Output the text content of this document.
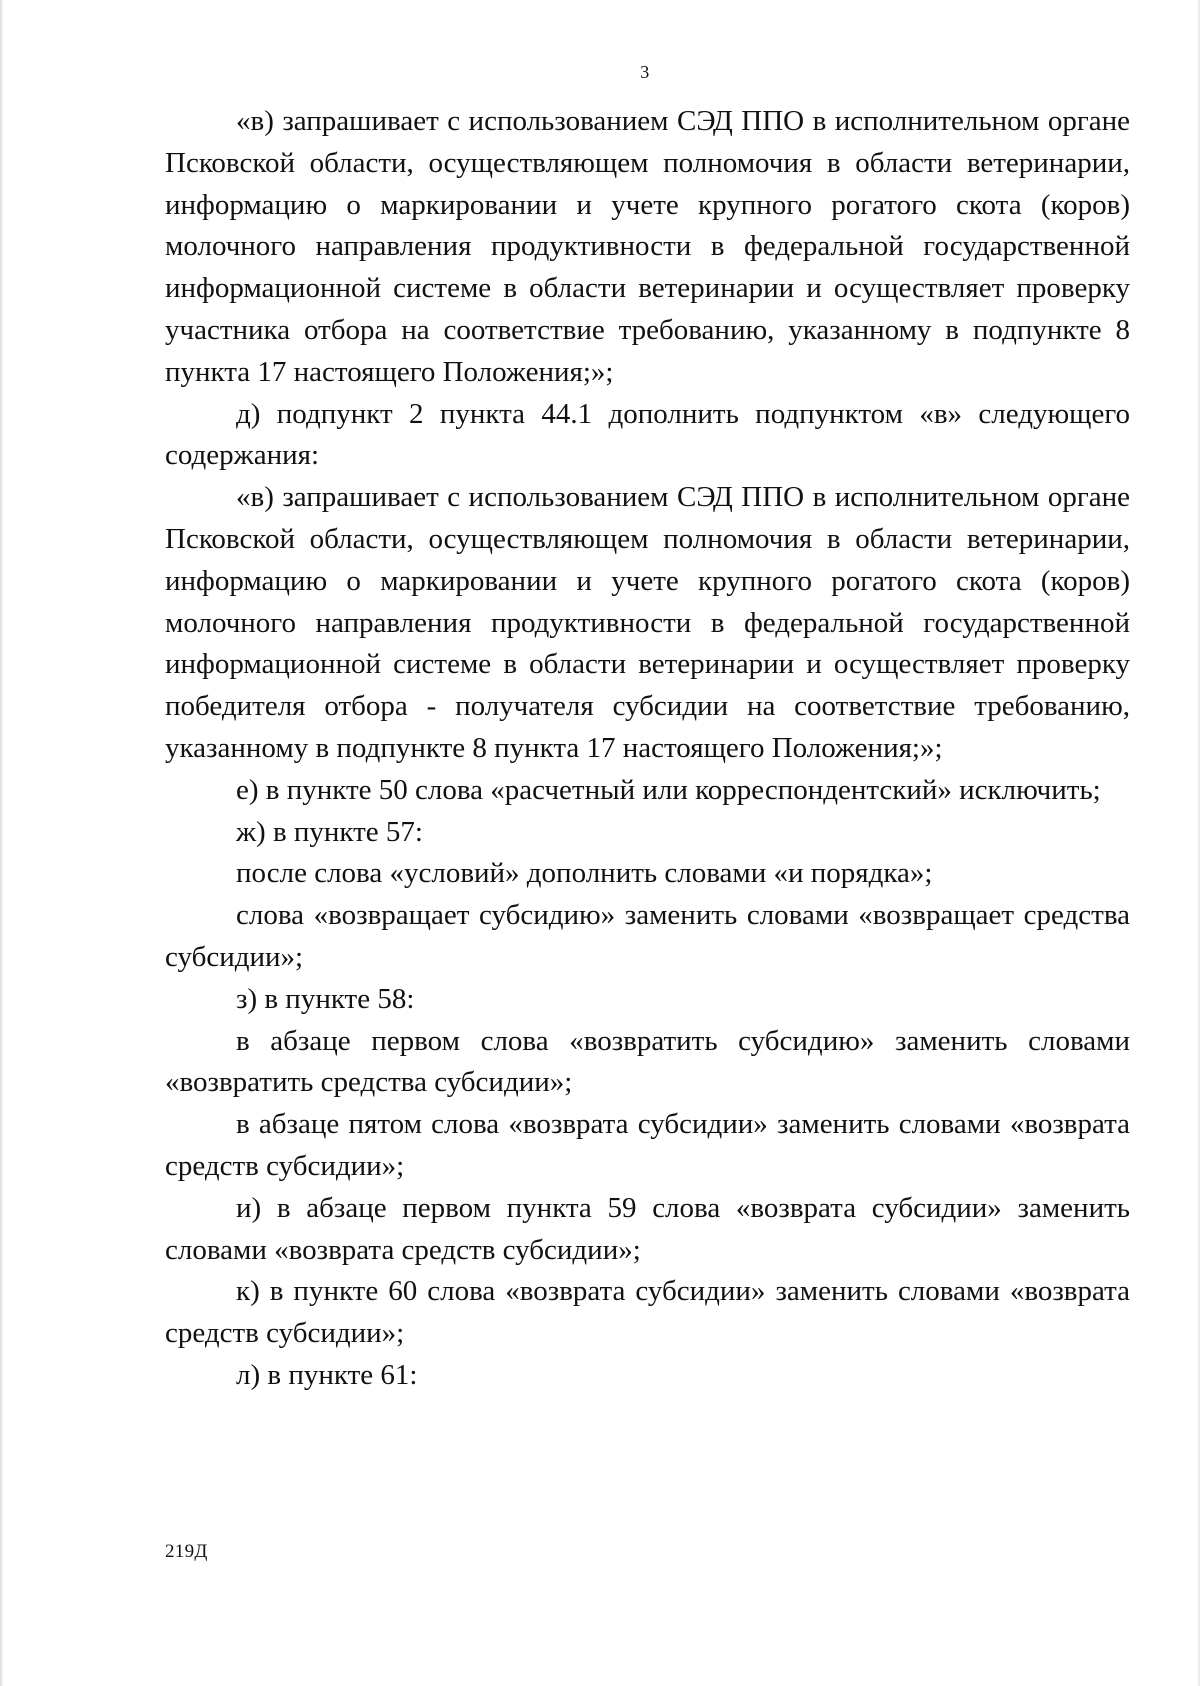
3

«в) запрашивает с использованием СЭД ППО в исполнительном органе Псковской области, осуществляющем полномочия в области ветеринарии, информацию о маркировании и учете крупного рогатого скота (коров) молочного направления продуктивности в федеральной государственной информационной системе в области ветеринарии и осуществляет проверку участника отбора на соответствие требованию, указанному в подпункте 8 пункта 17 настоящего Положения;»;

д) подпункт 2 пункта 44.1 дополнить подпунктом «в» следующего содержания:

«в) запрашивает с использованием СЭД ППО в исполнительном органе Псковской области, осуществляющем полномочия в области ветеринарии, информацию о маркировании и учете крупного рогатого скота (коров) молочного направления продуктивности в федеральной государственной информационной системе в области ветеринарии и осуществляет проверку победителя отбора - получателя субсидии на соответствие требованию, указанному в подпункте 8 пункта 17 настоящего Положения;»;

е) в пункте 50 слова «расчетный или корреспондентский» исключить;

ж) в пункте 57:

после слова «условий» дополнить словами «и порядка»;

слова «возвращает субсидию» заменить словами «возвращает средства субсидии»;

з) в пункте 58:

в абзаце первом слова «возвратить субсидию» заменить словами «возвратить средства субсидии»;

в абзаце пятом слова «возврата субсидии» заменить словами «возврата средств субсидии»;

и) в абзаце первом пункта 59 слова «возврата субсидии» заменить словами «возврата средств субсидии»;

к) в пункте 60 слова «возврата субсидии» заменить словами «возврата средств субсидии»;

л) в пункте 61:

219Д
